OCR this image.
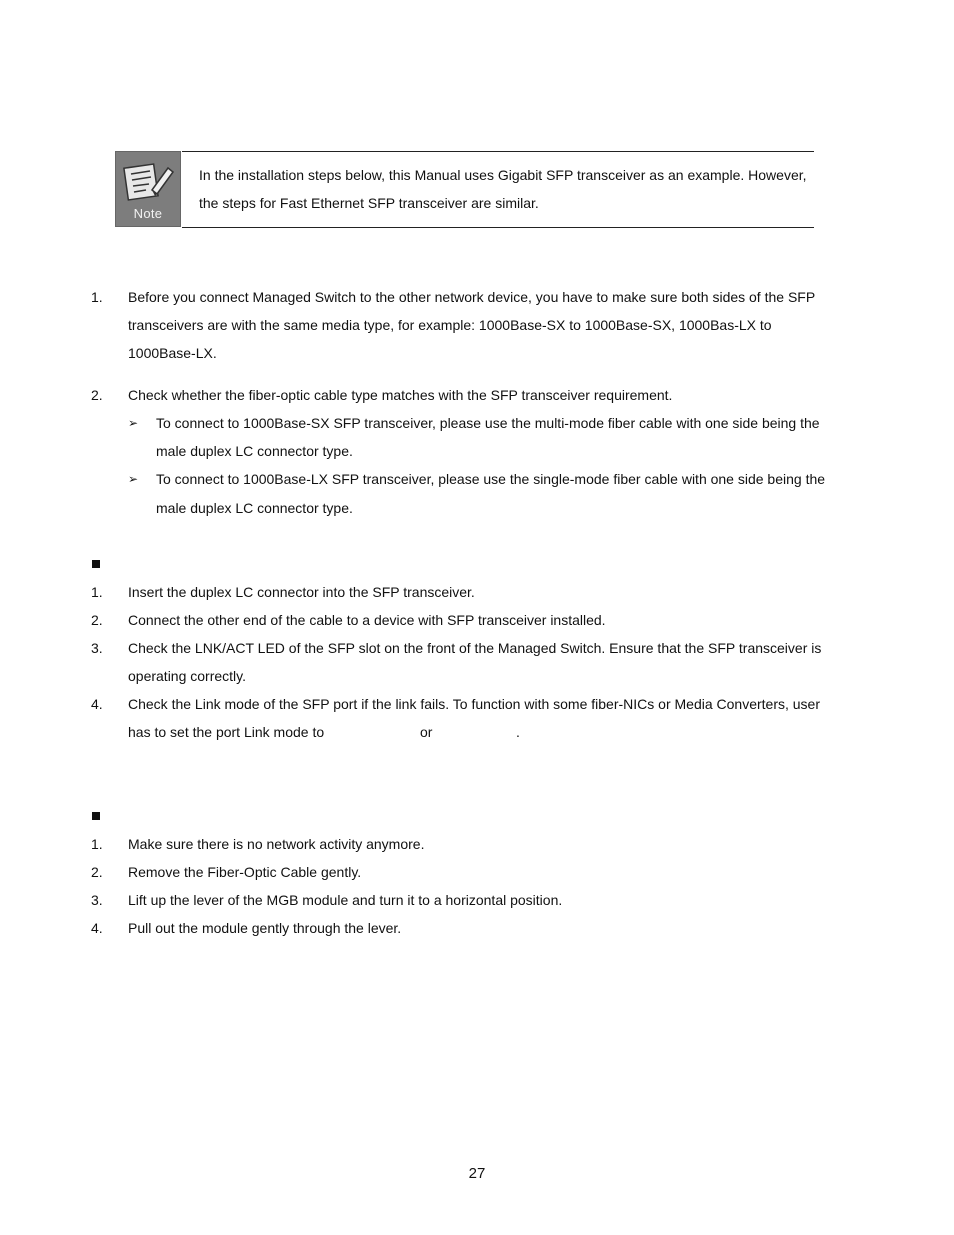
Note
In the installation steps below, this Manual uses Gigabit SFP transceiver as an example. However,
the steps for Fast Ethernet SFP transceiver are similar.
1. Before you connect Managed Switch to the other network device, you have to make sure both sides of the SFP
transceivers are with the same media type, for example: 1000Base-SX to 1000Base-SX, 1000Bas-LX to
1000Base-LX.
2. Check whether the fiber-optic cable type matches with the SFP transceiver requirement.
➢ To connect to 1000Base-SX SFP transceiver, please use the multi-mode fiber cable with one side being the
male duplex LC connector type.
➢ To connect to 1000Base-LX SFP transceiver, please use the single-mode fiber cable with one side being the
male duplex LC connector type.
1. Insert the duplex LC connector into the SFP transceiver.
2. Connect the other end of the cable to a device with SFP transceiver installed.
3. Check the LNK/ACT LED of the SFP slot on the front of the Managed Switch. Ensure that the SFP transceiver is
operating correctly.
4. Check the Link mode of the SFP port if the link fails. To function with some fiber-NICs or Media Converters, user
has to set the port Link mode to	or	.
1. Make sure there is no network activity anymore.
2. Remove the Fiber-Optic Cable gently.
3. Lift up the lever of the MGB module and turn it to a horizontal position.
4. Pull out the module gently through the lever.
27
